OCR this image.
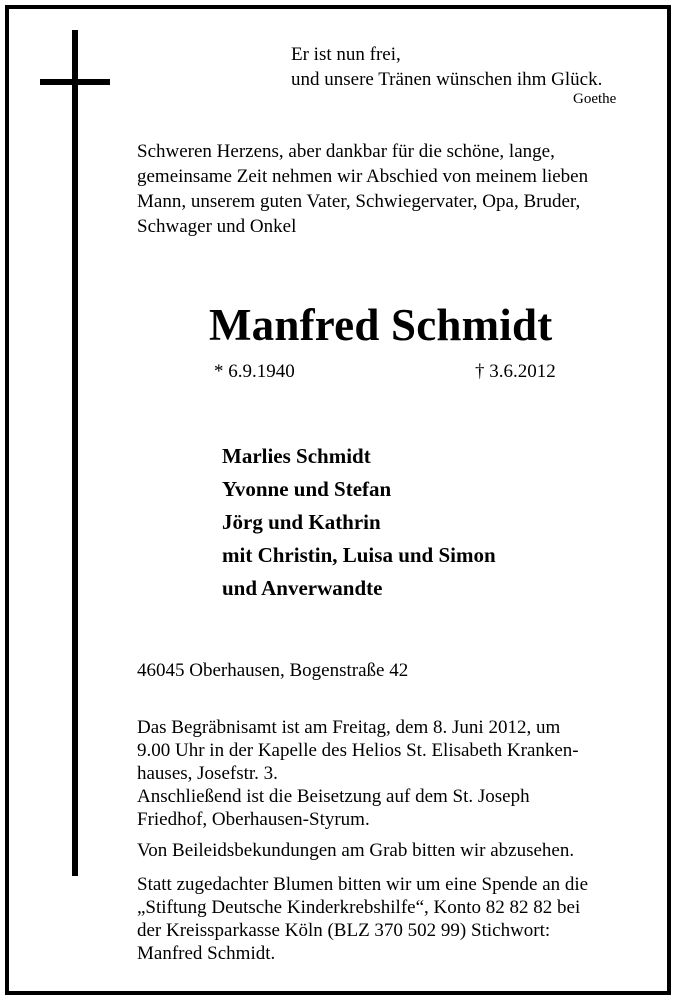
Er ist nun frei,

und unsere Tränen wünschen ihm Glück.

Goethe

Schweren Herzens, aber dankbar für die schöne, lange,

gemeinsame Zeit nehmen wir Abschied von meinem lieben

Mann, unserem guten Vater, Schwiegervater, Opa, Bruder,

Schwager und Onkel

Manfred Schmidt
* 6.9.1940	† 3.6.2012
Marlies Schmidt
Yvonne und Stefan
Jörg und Kathrin
mit Christin, Luisa und Simon
und Anverwandte
46045 Oberhausen, Bogenstraße 42
Das Begräbnisamt ist am Freitag, dem 8. Juni 2012, um
9.00 Uhr in der Kapelle des Helios St. Elisabeth Kranken-
hauses, Josefstr. 3.
Anschließend ist die Beisetzung auf dem St. Joseph
Friedhof, Oberhausen-Styrum.
Von Beileidsbekundungen am Grab bitten wir abzusehen.
Statt zugedachter Blumen bitten wir um eine Spende an die
„Stiftung Deutsche Kinderkrebshilfe“, Konto 82 82 82 bei
der Kreissparkasse Köln (BLZ 370 502 99) Stichwort:
Manfred Schmidt.
